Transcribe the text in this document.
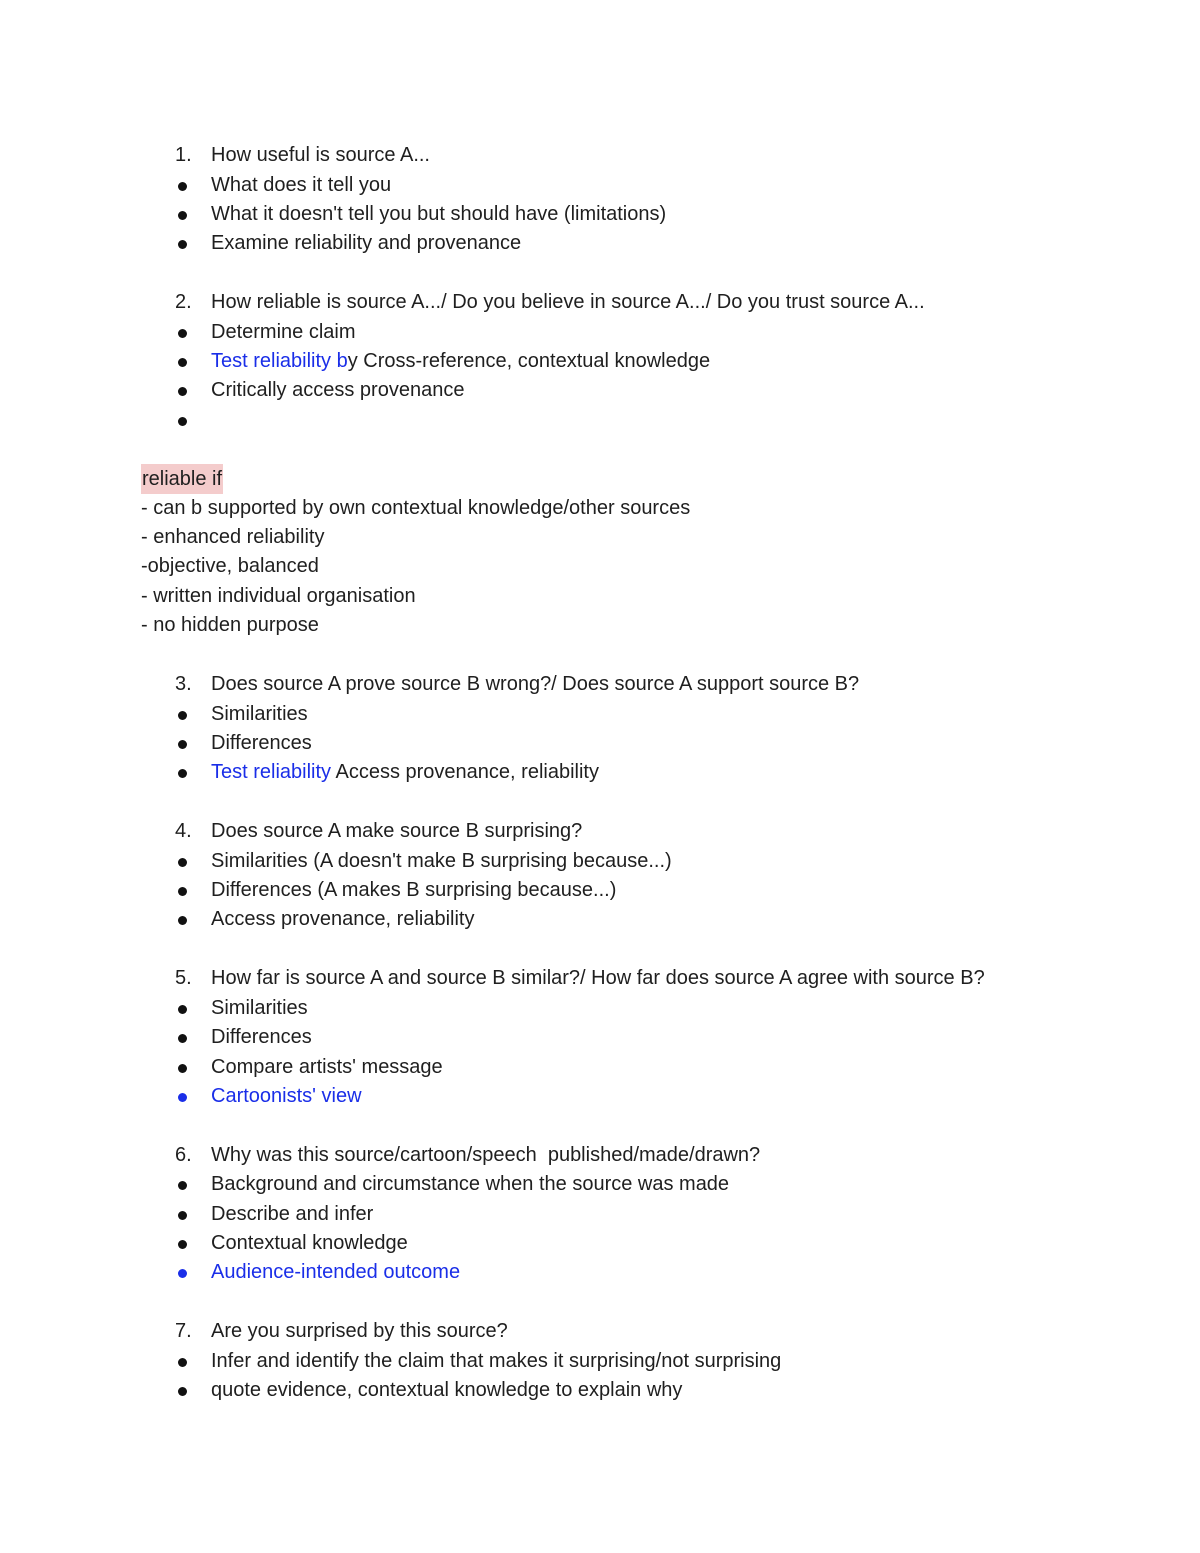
1. How useful is source A...
What does it tell you
What it doesn't tell you but should have (limitations)
Examine reliability and provenance
2. How reliable is source A.../ Do you believe in source A.../ Do you trust source A...
Determine claim
Test reliability by Cross-reference, contextual knowledge
Critically access provenance
reliable if
- can b supported by own contextual knowledge/other sources
- enhanced reliability
-objective, balanced
- written individual organisation
- no hidden purpose
3. Does source A prove source B wrong?/ Does source A support source B?
Similarities
Differences
Test reliability Access provenance, reliability
4. Does source A make source B surprising?
Similarities (A doesn't make B surprising because...)
Differences (A makes B surprising because...)
Access provenance, reliability
5. How far is source A and source B similar?/ How far does source A agree with source B?
Similarities
Differences
Compare artists' message
Cartoonists' view
6. Why was this source/cartoon/speech  published/made/drawn?
Background and circumstance when the source was made
Describe and infer
Contextual knowledge
Audience-intended outcome
7. Are you surprised by this source?
Infer and identify the claim that makes it surprising/not surprising
quote evidence, contextual knowledge to explain why
